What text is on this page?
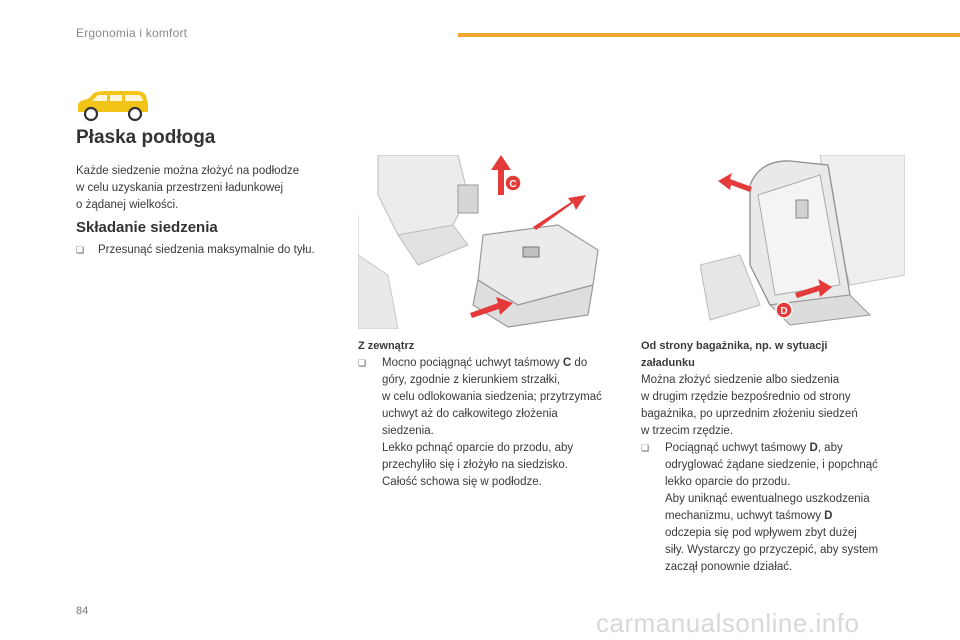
Ergonomia i komfort
Płaska podłoga
Każde siedzenie można złożyć na podłodze
w celu uzyskania przestrzeni ładunkowej
o żądanej wielkości.
Składanie siedzenia
❏ Przesunąć siedzenia maksymalnie do tyłu.
C
D
Z zewnątrz
❏	Mocno pociągnąć uchwyt taśmowy C do
góry, zgodnie z kierunkiem strzałki,
w celu odlokowania siedzenia; przytrzymać
uchwyt aż do całkowitego złożenia
siedzenia.
Lekko pchnąć oparcie do przodu, aby
przechyliło się i złożyło na siedzisko.
Całość schowa się w podłodze.
Od strony bagażnika, np. w sytuacji
załadunku
Można złożyć siedzenie albo siedzenia
w drugim rzędzie bezpośrednio od strony
bagażnika, po uprzednim złożeniu siedzeń
w trzecim rzędzie.
❏	Pociągnąć uchwyt taśmowy D, aby
odryglować żądane siedzenie, i popchnąć
lekko oparcie do przodu.
Aby uniknąć ewentualnego uszkodzenia
mechanizmu, uchwyt taśmowy D
odczepia się pod wpływem zbyt dużej
siły. Wystarczy go przyczepić, aby system
zaczął ponownie działać.
84	carmanualsonline.info
